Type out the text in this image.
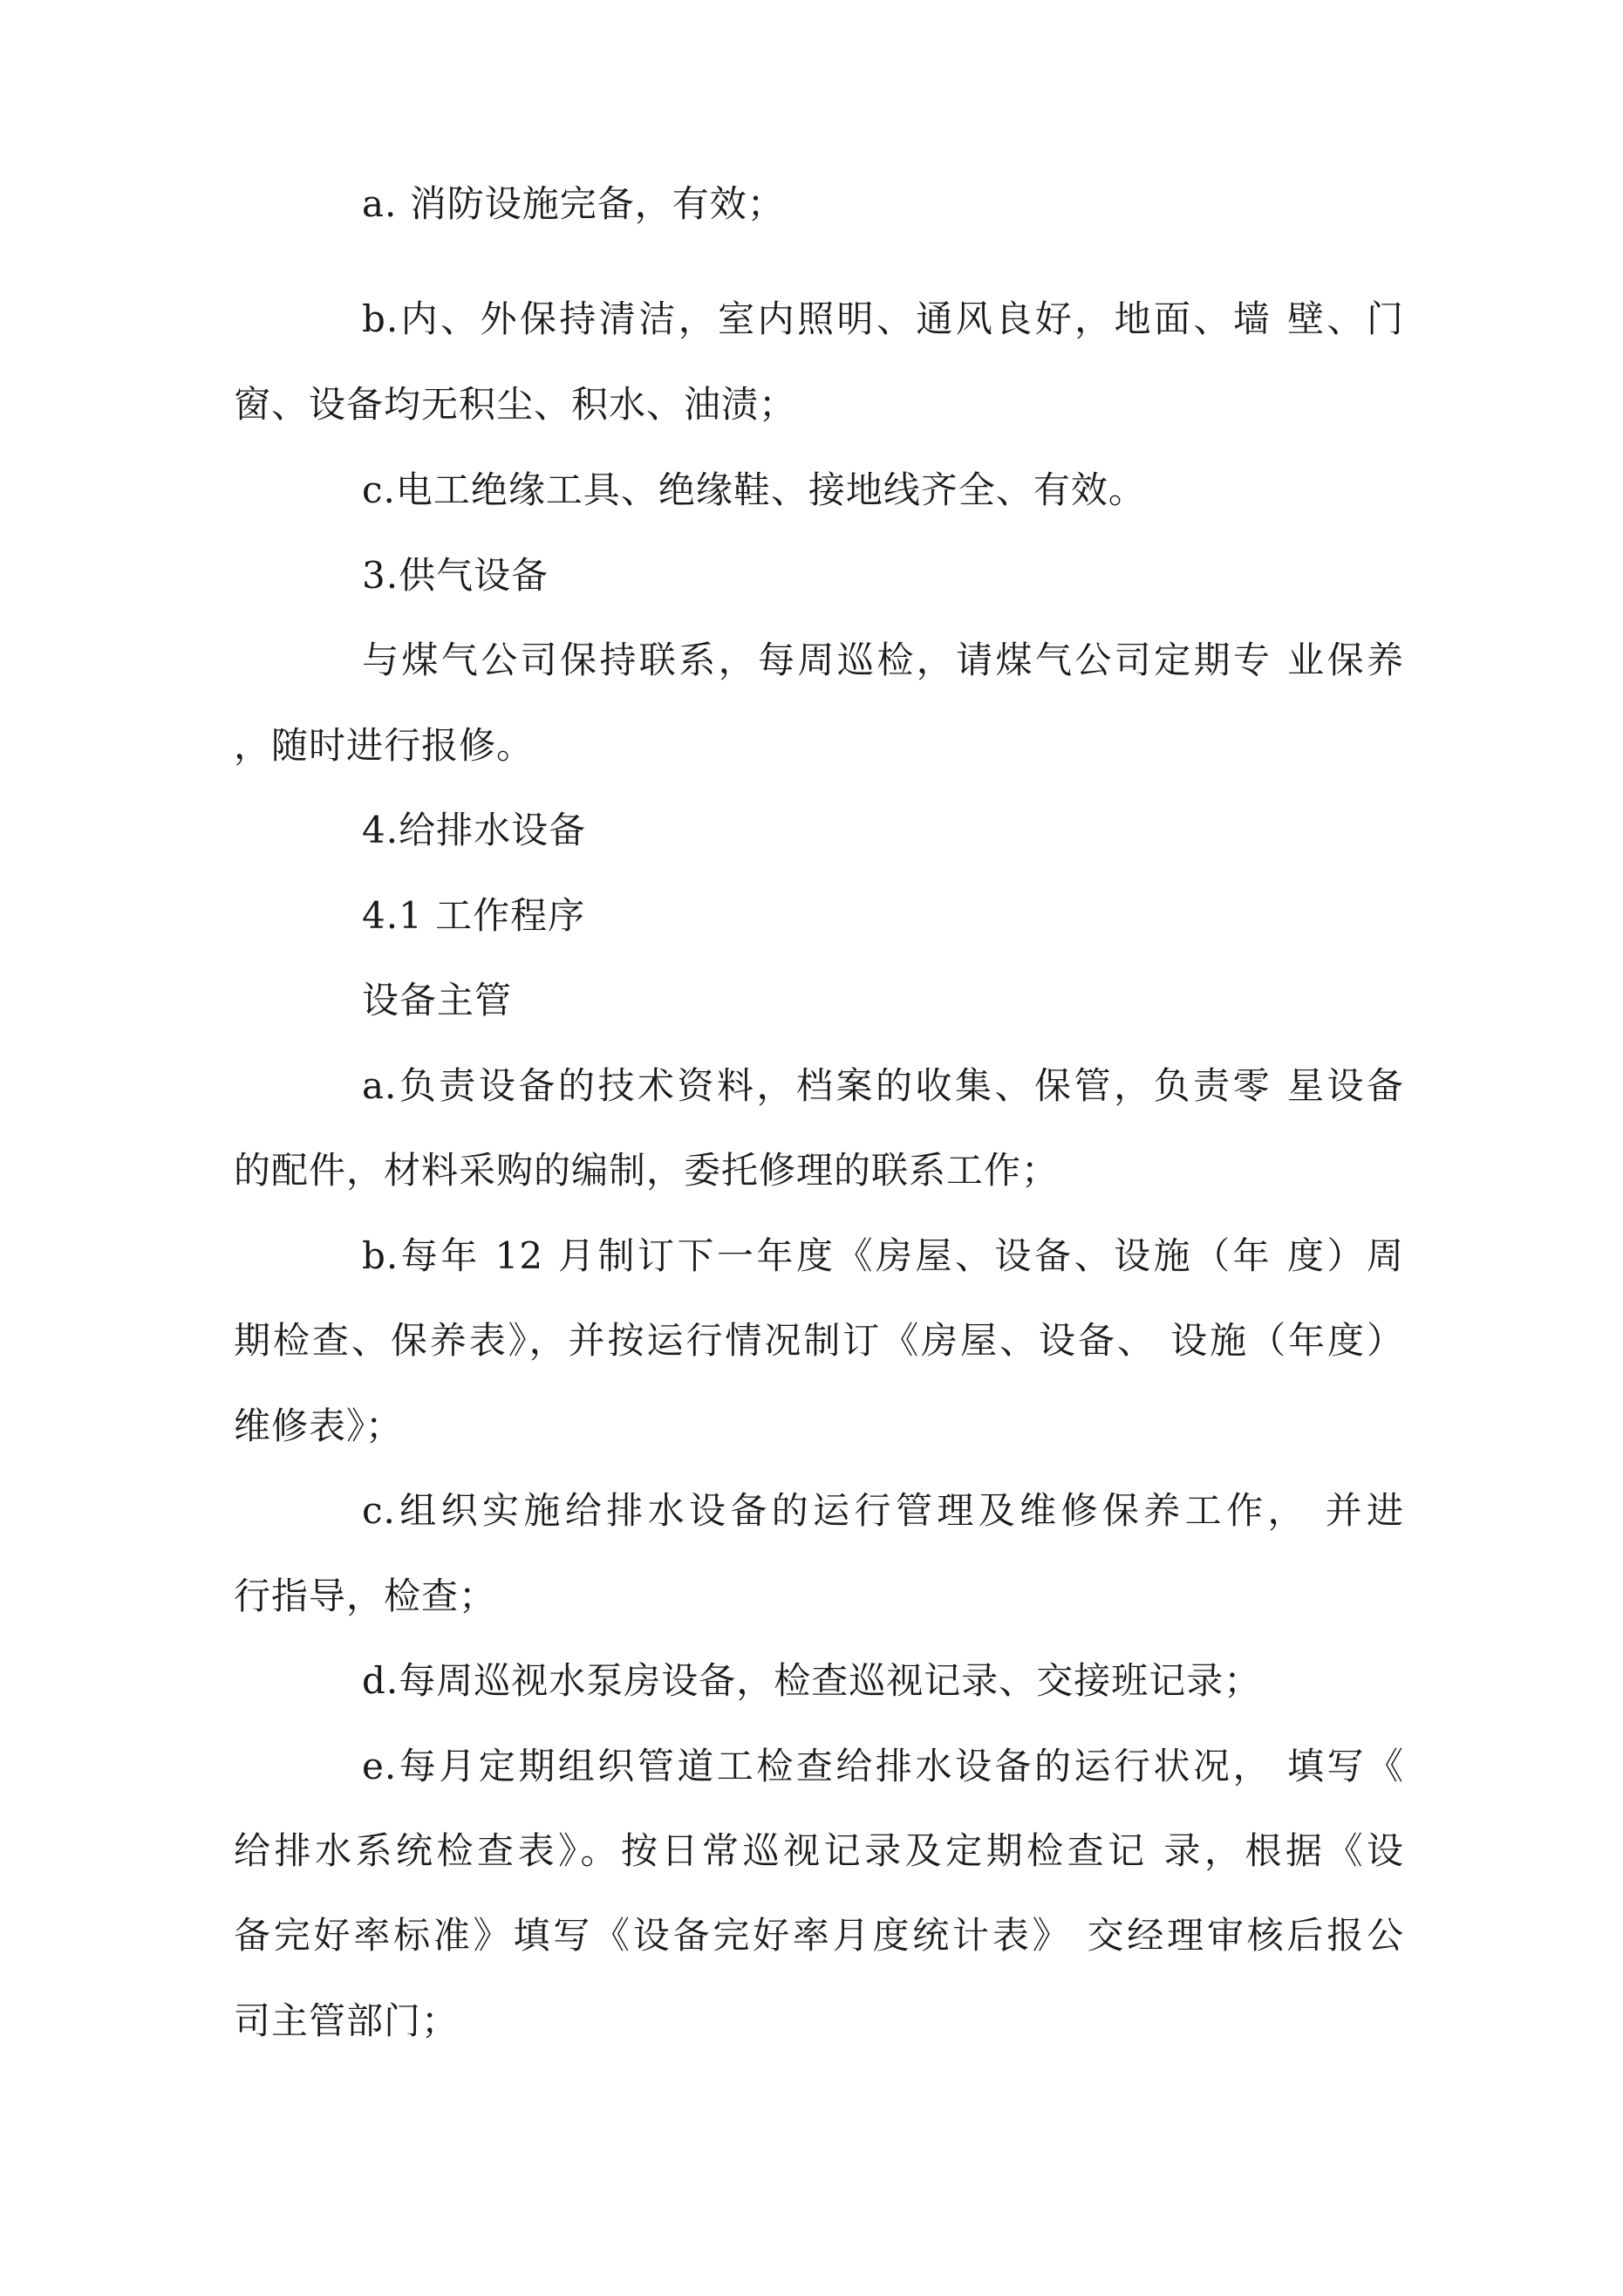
a. 消防设施完备，有效；
b.内、外保持清洁，室内照明、通风良好，地面、墙 壁、门
窗、设备均无积尘、积水、油渍；
c.电工绝缘工具、绝缘鞋、接地线齐全、有效。
3.供气设备
与煤气公司保持联系，每周巡检，请煤气公司定期专 业保养
，随时进行报修。
4.给排水设备
4.1 工作程序
设备主管
a.负责设备的技术资料，档案的收集、保管，负责零 星设备
的配件，材料采购的编制，委托修理的联系工作；
b.每年 12 月制订下一年度《房屋、设备、设施（年 度）周
期检查、保养表》，并按运行情况制订《房屋、设备、 设施（年度）
维修表》；
c.组织实施给排水设备的运行管理及维修保养工作， 并进
行指导，检查；
d.每周巡视水泵房设备，检查巡视记录、交接班记录；
e.每月定期组织管道工检查给排水设备的运行状况， 填写《
给排水系统检查表》。按日常巡视记录及定期检查记 录，根据《设
备完好率标准》填写《设备完好率月度统计表》 交经理审核后报公
司主管部门；
